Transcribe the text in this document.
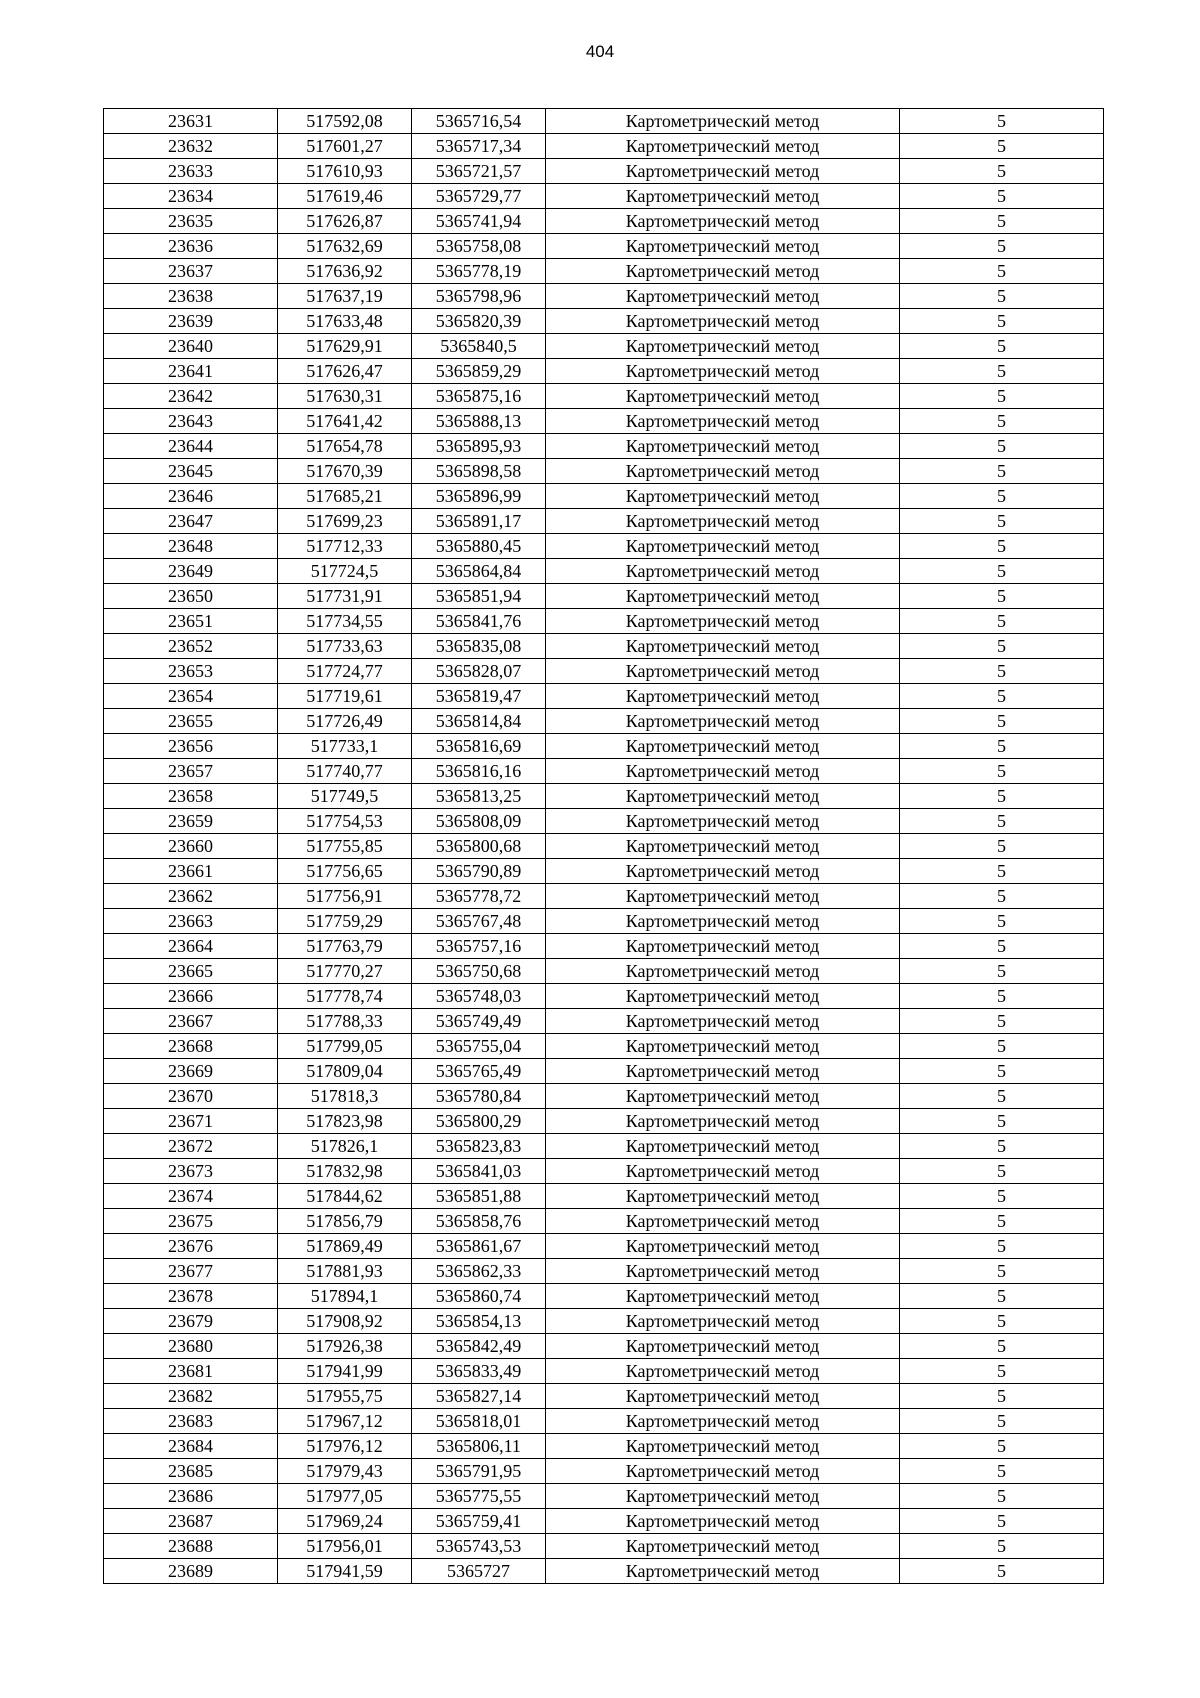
404
23631	517592,08	5365716,54	Картометрический метод	5
23632	517601,27	5365717,34	Картометрический метод	5
23633	517610,93	5365721,57	Картометрический метод	5
23634	517619,46	5365729,77	Картометрический метод	5
23635	517626,87	5365741,94	Картометрический метод	5
23636	517632,69	5365758,08	Картометрический метод	5
23637	517636,92	5365778,19	Картометрический метод	5
23638	517637,19	5365798,96	Картометрический метод	5
23639	517633,48	5365820,39	Картометрический метод	5
23640	517629,91	5365840,5	Картометрический метод	5
23641	517626,47	5365859,29	Картометрический метод	5
23642	517630,31	5365875,16	Картометрический метод	5
23643	517641,42	5365888,13	Картометрический метод	5
23644	517654,78	5365895,93	Картометрический метод	5
23645	517670,39	5365898,58	Картометрический метод	5
23646	517685,21	5365896,99	Картометрический метод	5
23647	517699,23	5365891,17	Картометрический метод	5
23648	517712,33	5365880,45	Картометрический метод	5
23649	517724,5	5365864,84	Картометрический метод	5
23650	517731,91	5365851,94	Картометрический метод	5
23651	517734,55	5365841,76	Картометрический метод	5
23652	517733,63	5365835,08	Картометрический метод	5
23653	517724,77	5365828,07	Картометрический метод	5
23654	517719,61	5365819,47	Картометрический метод	5
23655	517726,49	5365814,84	Картометрический метод	5
23656	517733,1	5365816,69	Картометрический метод	5
23657	517740,77	5365816,16	Картометрический метод	5
23658	517749,5	5365813,25	Картометрический метод	5
23659	517754,53	5365808,09	Картометрический метод	5
23660	517755,85	5365800,68	Картометрический метод	5
23661	517756,65	5365790,89	Картометрический метод	5
23662	517756,91	5365778,72	Картометрический метод	5
23663	517759,29	5365767,48	Картометрический метод	5
23664	517763,79	5365757,16	Картометрический метод	5
23665	517770,27	5365750,68	Картометрический метод	5
23666	517778,74	5365748,03	Картометрический метод	5
23667	517788,33	5365749,49	Картометрический метод	5
23668	517799,05	5365755,04	Картометрический метод	5
23669	517809,04	5365765,49	Картометрический метод	5
23670	517818,3	5365780,84	Картометрический метод	5
23671	517823,98	5365800,29	Картометрический метод	5
23672	517826,1	5365823,83	Картометрический метод	5
23673	517832,98	5365841,03	Картометрический метод	5
23674	517844,62	5365851,88	Картометрический метод	5
23675	517856,79	5365858,76	Картометрический метод	5
23676	517869,49	5365861,67	Картометрический метод	5
23677	517881,93	5365862,33	Картометрический метод	5
23678	517894,1	5365860,74	Картометрический метод	5
23679	517908,92	5365854,13	Картометрический метод	5
23680	517926,38	5365842,49	Картометрический метод	5
23681	517941,99	5365833,49	Картометрический метод	5
23682	517955,75	5365827,14	Картометрический метод	5
23683	517967,12	5365818,01	Картометрический метод	5
23684	517976,12	5365806,11	Картометрический метод	5
23685	517979,43	5365791,95	Картометрический метод	5
23686	517977,05	5365775,55	Картометрический метод	5
23687	517969,24	5365759,41	Картометрический метод	5
23688	517956,01	5365743,53	Картометрический метод	5
23689	517941,59	5365727	Картометрический метод	5
